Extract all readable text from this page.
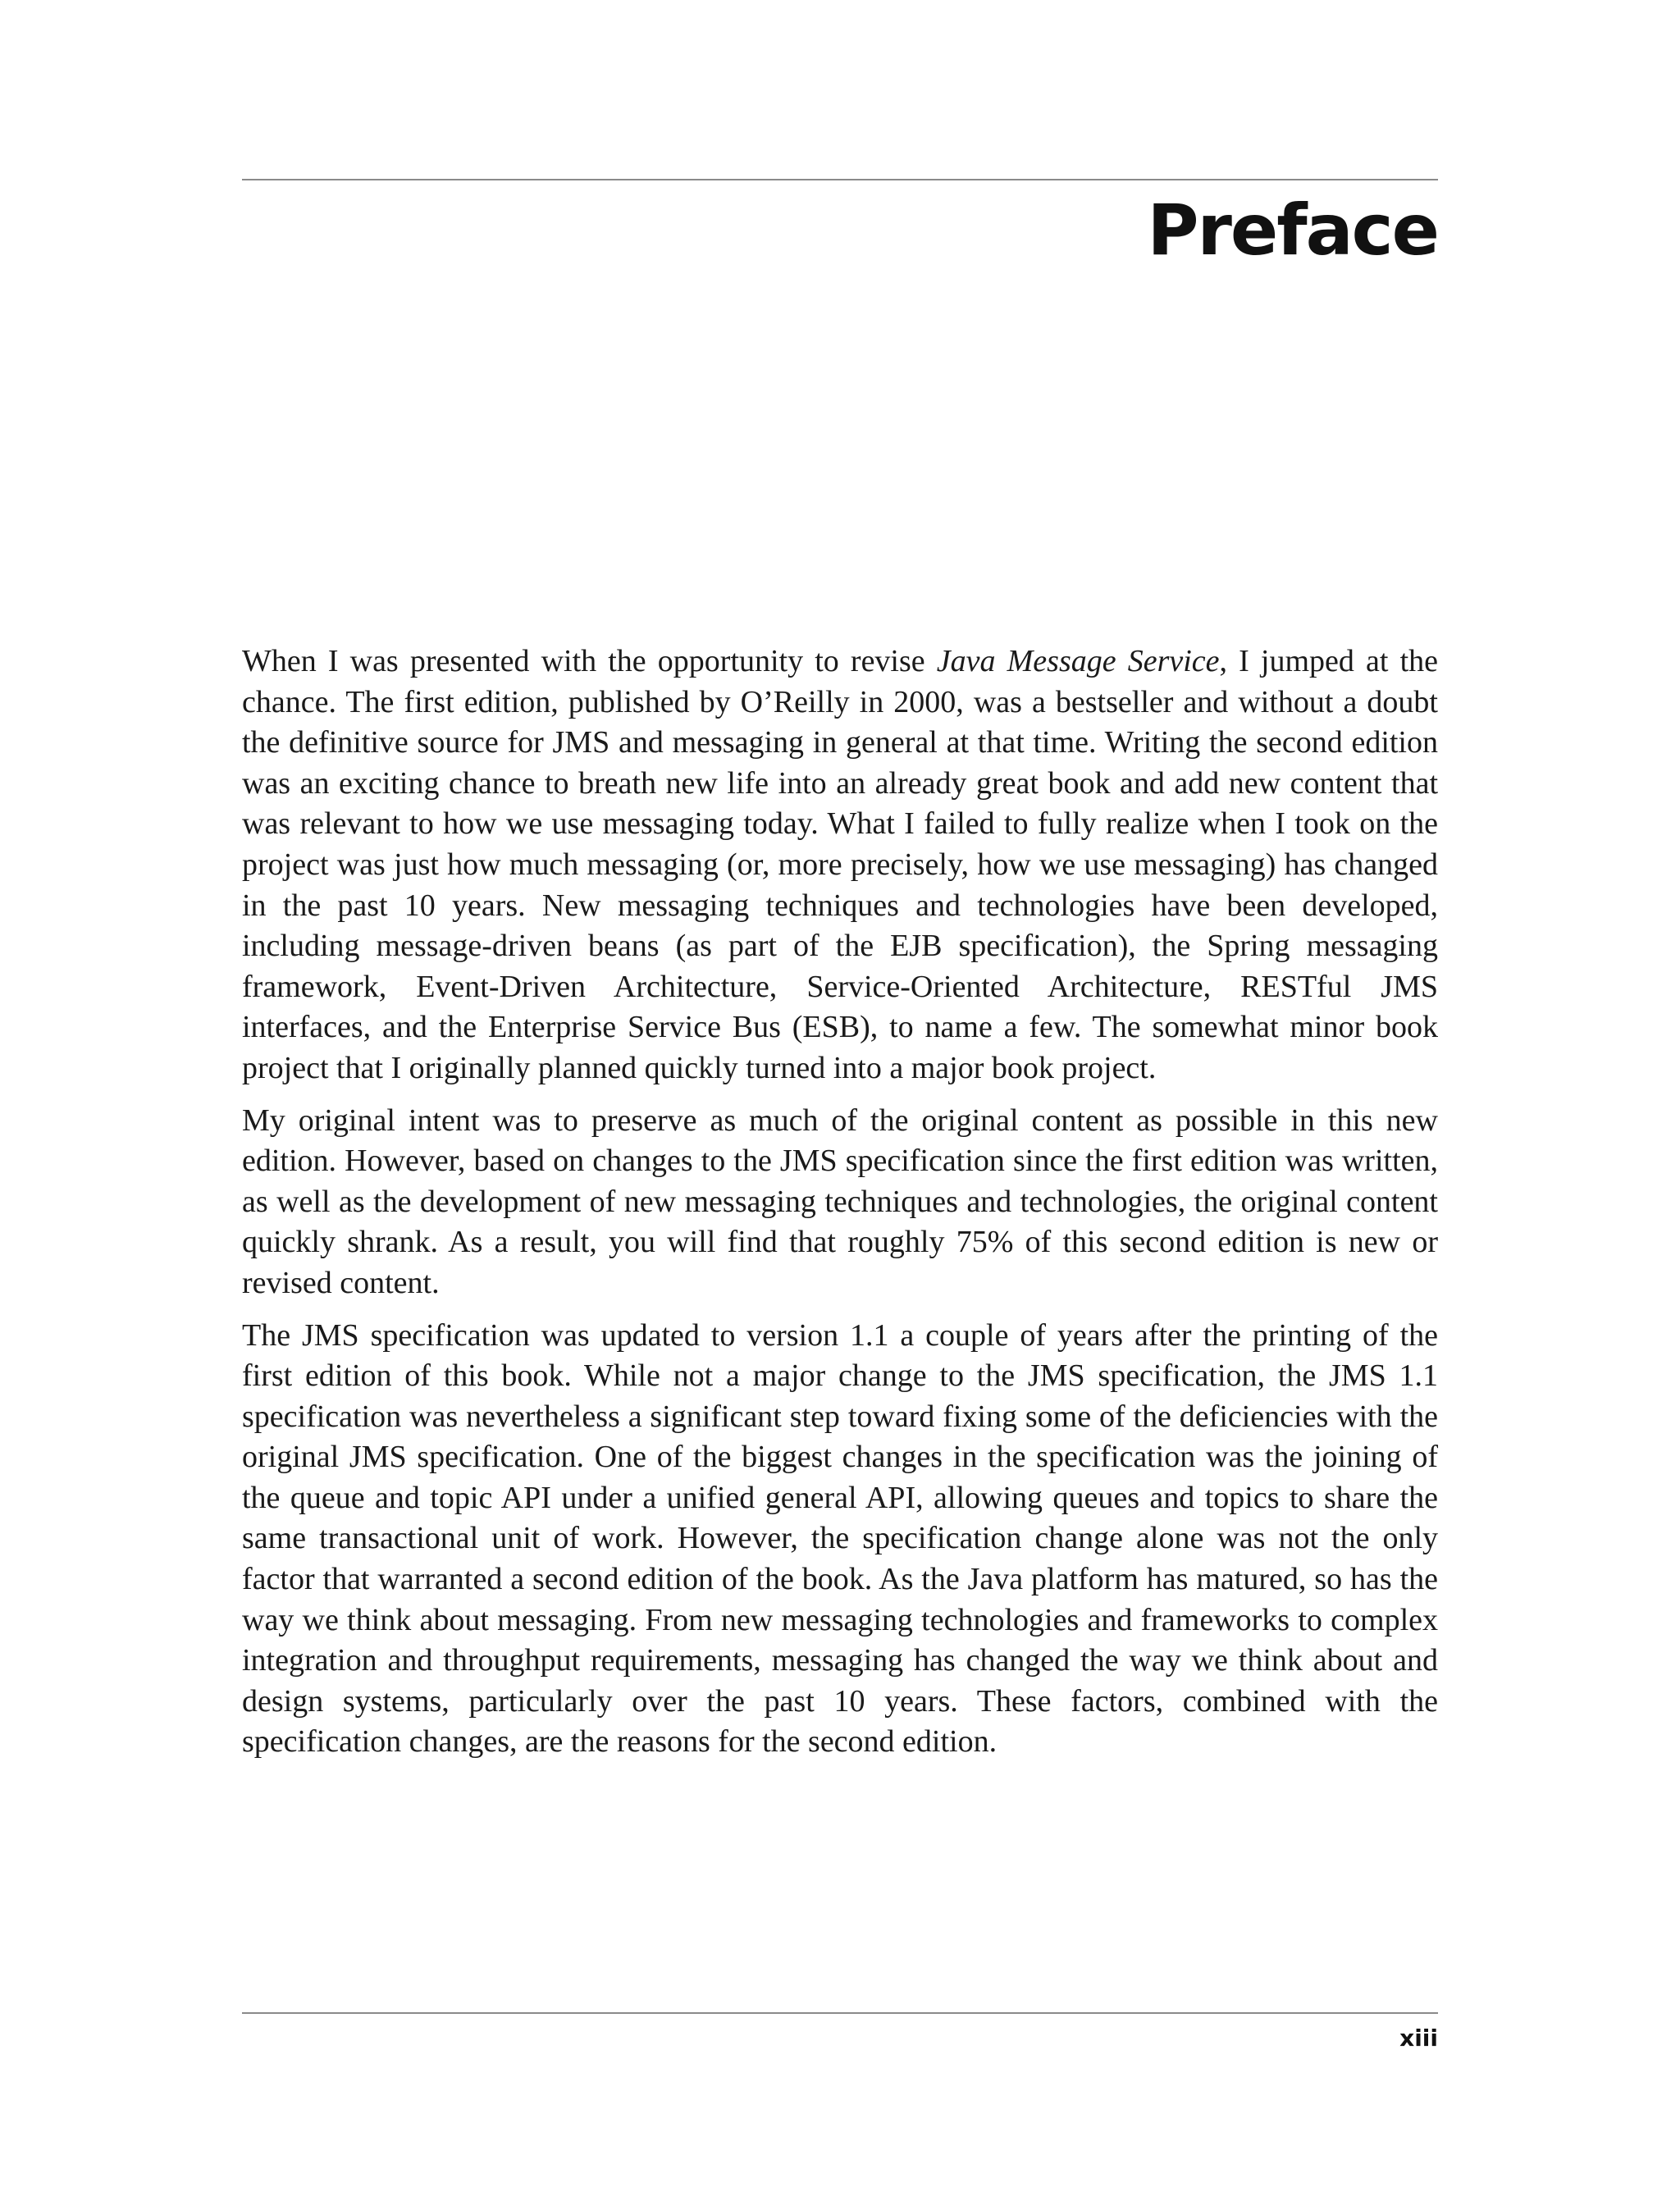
Preface

When I was presented with the opportunity to revise Java Message Service, I jumped at the chance. The first edition, published by O’Reilly in 2000, was a bestseller and without a doubt the definitive source for JMS and messaging in general at that time. Writing the second edition was an exciting chance to breath new life into an already great book and add new content that was relevant to how we use messaging today. What I failed to fully realize when I took on the project was just how much messaging (or, more precisely, how we use messaging) has changed in the past 10 years. New messaging techniques and technologies have been developed, including message-driven beans (as part of the EJB specification), the Spring messaging framework, Event-Driven Architecture, Service-Oriented Architecture, RESTful JMS interfaces, and the Enterprise Service Bus (ESB), to name a few. The somewhat minor book project that I originally planned quickly turned into a major book project.

My original intent was to preserve as much of the original content as possible in this new edition. However, based on changes to the JMS specification since the first edition was written, as well as the development of new messaging techniques and technologies, the original content quickly shrank. As a result, you will find that roughly 75% of this second edition is new or revised content.

The JMS specification was updated to version 1.1 a couple of years after the printing of the first edition of this book. While not a major change to the JMS specification, the JMS 1.1 specification was nevertheless a significant step toward fixing some of the deficiencies with the original JMS specification. One of the biggest changes in the specification was the joining of the queue and topic API under a unified general API, allowing queues and topics to share the same transactional unit of work. However, the specification change alone was not the only factor that warranted a second edition of the book. As the Java platform has matured, so has the way we think about messaging. From new messaging technologies and frameworks to complex integration and throughput requirements, messaging has changed the way we think about and design systems, particularly over the past 10 years. These factors, combined with the specification changes, are the reasons for the second edition.

xiii
